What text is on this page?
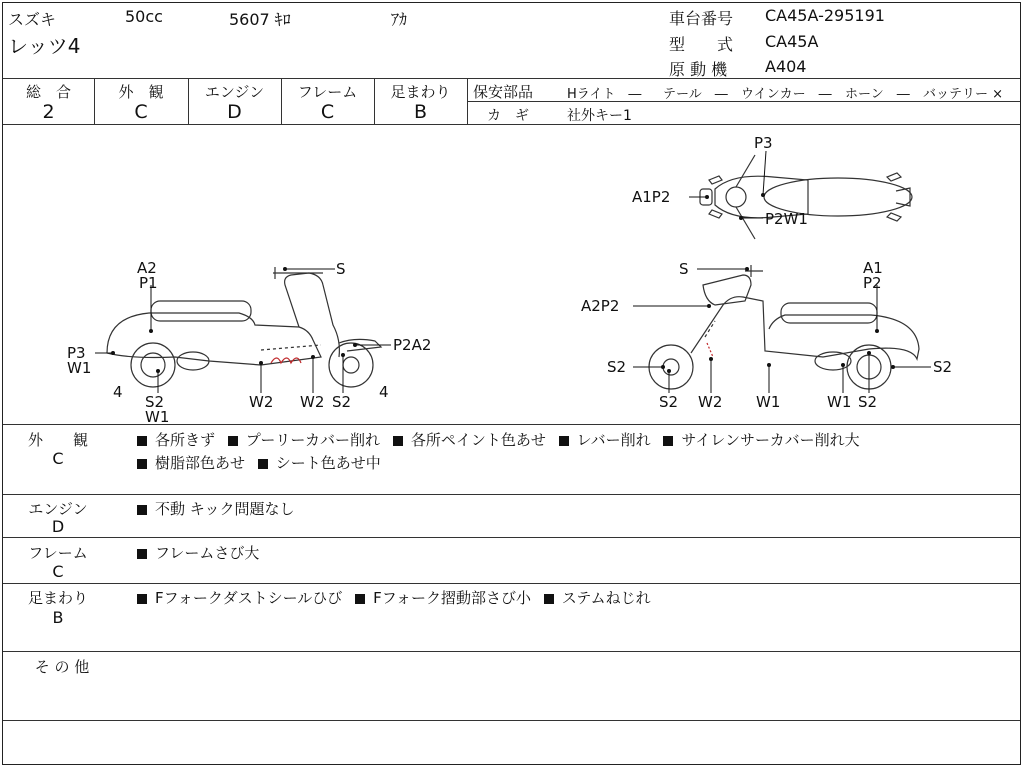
スズキ	50cc	5607 ｷﾛ	ｱｶ
レッツ4
車台番号 CA45A-295191
型　　式 CA45A
原 動 機 A404
総　合
2
外　観
C
エンジン
D
フレーム
C
足まわり
B
保安部品	Hライト　― テール　― ウインカー　― ホーン　― バッテリー ×
カ　ギ	社外キー1
P3
A1P2
P2W1
A2
P1
S
P2A2
P3
W1
4
S2
W1
W2 W2 S2
4
S	A1
P2
A2P2
S2
S2 W2 W1	W1 S2
S2
外　　観
C
各所きず プーリーカバー削れ 各所ペイント色あせ レバー削れ サイレンサーカバー削れ大
樹脂部色あせ シート色あせ中
エンジン
D
不動 キック問題なし
フレーム
C
フレームさび大
足まわり
B
Fフォークダストシールひび Fフォーク摺動部さび小 ステムねじれ
そ の 他
